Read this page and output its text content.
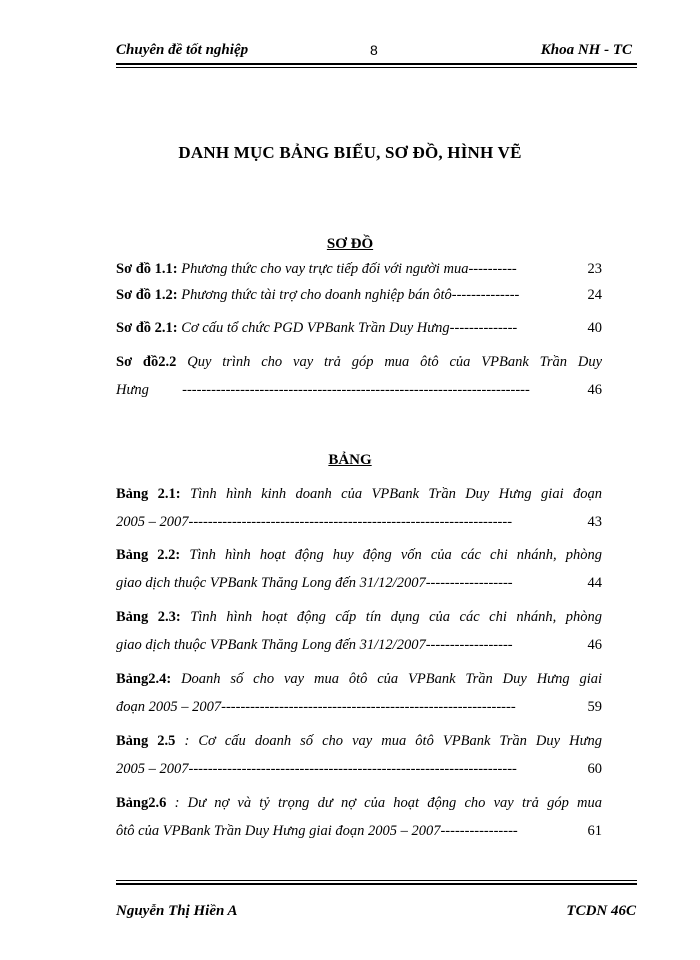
Chuyên đề tốt nghiệp	8	Khoa NH - TC
DANH MỤC BẢNG BIỂU, SƠ ĐỒ, HÌNH VẼ
SƠ ĐỒ
Sơ đồ 1.1: Phương thức cho vay trực tiếp đối với người mua----------	23
Sơ đồ 1.2: Phương thức tài trợ cho doanh nghiệp bán ôtô--------------	24
Sơ đồ 2.1: Cơ cấu tổ chức PGD VPBank Trần Duy Hưng--------------	40
Sơ đồ2.2 Quy trình cho vay trả góp mua ôtô của VPBank Trần Duy
Hưng ------------------------------------------------------------------------	46
BẢNG
Bảng 2.1: Tình hình kinh doanh của VPBank Trần Duy Hưng giai đoạn
2005 – 2007-------------------------------------------------------------------	43
Bảng 2.2: Tình hình hoạt động huy động vốn của các chi nhánh, phòng
giao dịch thuộc VPBank Thăng Long đến 31/12/2007------------------	44
Bảng 2.3: Tình hình hoạt động cấp tín dụng của các chi nhánh, phòng
giao dịch thuộc VPBank Thăng Long đến 31/12/2007------------------	46
Bảng2.4: Doanh số cho vay mua ôtô của VPBank Trần Duy Hưng giai
đoạn 2005 – 2007-------------------------------------------------------------	59
Bảng 2.5 : Cơ cấu doanh số cho vay mua ôtô VPBank Trần Duy Hưng
2005 – 2007--------------------------------------------------------------------	60
Bảng2.6 : Dư nợ và tỷ trọng dư nợ của hoạt động cho vay trả góp mua
ôtô của VPBank Trần Duy Hưng giai đoạn 2005 – 2007----------------	61
Nguyễn Thị Hiền A	TCDN 46C
